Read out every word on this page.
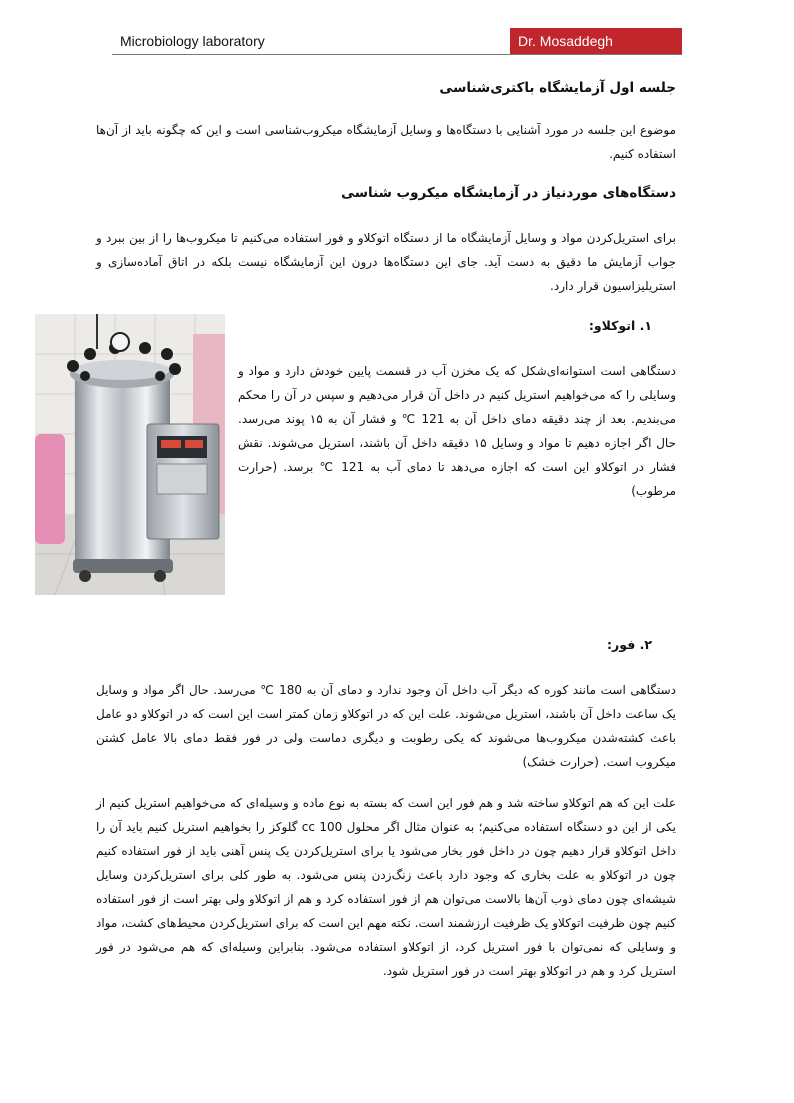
Microbiology laboratory	Dr. Mosaddegh
جلسه اول آزمایشگاه باکتری‌شناسی
موضوع این جلسه در مورد آشنایی با دستگاه‌ها و وسایل آزمایشگاه میکروب‌شناسی است و این که چگونه باید از آن‌ها استفاده کنیم.
دستگاه‌های موردنیاز در آزمایشگاه میکروب شناسی
برای استریل‌کردن مواد و وسایل آزمایشگاه ما از دستگاه اتوکلاو و فور استفاده می‌کنیم تا میکروب‌ها را از بین ببرد و جواب آزمایش ما دقیق به دست آید. جای این دستگاه‌ها درون این آزمایشگاه نیست بلکه در اتاق آماده‌سازی و استریلیزاسیون قرار دارد.
١. اتوکلاو:
دستگاهی است استوانه‌ای‌شکل که یک مخزن آب در قسمت پایین خودش دارد و مواد و وسایلی را که می‌خواهیم استریل کنیم در داخل آن قرار می‌دهیم و سپس در آن را محکم می‌بندیم. بعد از چند دقیقه دمای داخل آن به 121 ℃ و فشار آن به ۱۵ پوند می‌رسد. حال اگر اجازه دهیم تا مواد و وسایل ۱۵ دقیقه داخل آن باشند، استریل می‌شوند. نقش فشار در اتوکلاو این است که اجازه می‌دهد تا دمای آب به 121 ℃ برسد. (حرارت مرطوب)
٢. فور:
دستگاهی است مانند کوره که دیگر آب داخل آن وجود ندارد و دمای آن به 180 ℃ می‌رسد. حال اگر مواد و وسایل یک ساعت داخل آن باشند، استریل می‌شوند. علت این که در اتوکلاو زمان کمتر است این است که در اتوکلاو دو عامل باعث کشته‌شدن میکروب‌ها می‌شوند که یکی رطوبت و دیگری دماست ولی در فور فقط دمای بالا عامل کشتن میکروب است. (حرارت خشک)
علت این که هم اتوکلاو ساخته شد و هم فور این است که بسته به نوع ماده و وسیله‌ای که می‌خواهیم استریل کنیم از یکی از این دو دستگاه استفاده می‌کنیم؛ به عنوان مثال اگر محلول 100 cc گلوکز را بخواهیم استریل کنیم باید آن را داخل اتوکلاو قرار دهیم چون در داخل فور بخار می‌شود یا برای استریل‌کردن یک پنس آهنی باید از فور استفاده کنیم چون در اتوکلاو به علت بخاری که وجود دارد باعث زنگ‌زدن پنس می‌شود. به طور کلی برای استریل‌کردن وسایل شیشه‌ای چون دمای ذوب آن‌ها بالاست می‌توان هم از فور استفاده کرد و هم از اتوکلاو ولی بهتر است از فور استفاده کنیم چون ظرفیت اتوکلاو یک ظرفیت ارزشمند است. نکته مهم این است که برای استریل‌کردن محیط‌های کشت، مواد و وسایلی که نمی‌توان با فور استریل کرد، از اتوکلاو استفاده می‌شود. بنابراین وسیله‌ای که هم می‌شود در فور استریل کرد و هم در اتوکلاو بهتر است در فور استریل شود.
